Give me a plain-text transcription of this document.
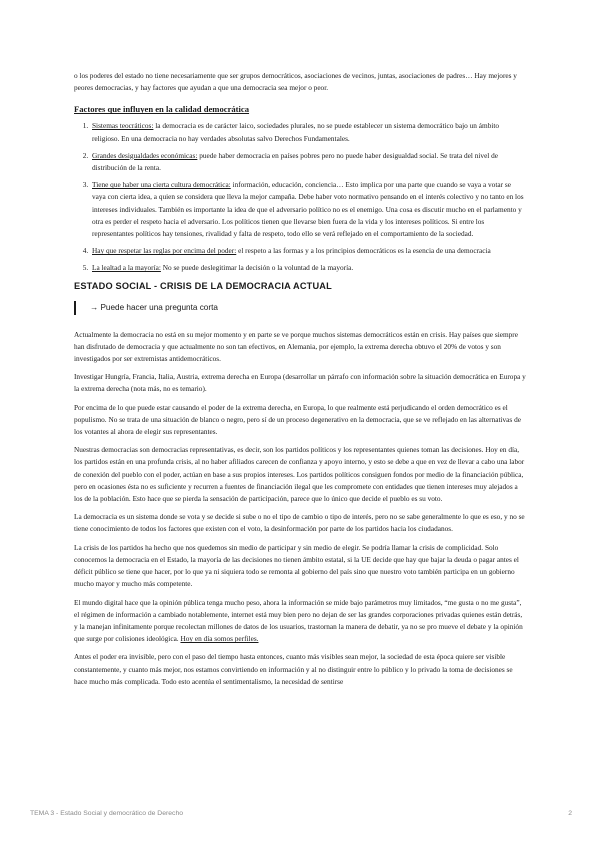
o los poderes del estado no tiene necesariamente que ser grupos democráticos, asociaciones de vecinos, juntas, asociaciones de padres… Hay mejores y peores democracias, y hay factores que ayudan a que una democracia sea mejor o peor.

Factores que influyen en la calidad democrática
1. Sistemas teocráticos: la democracia es de carácter laico, sociedades plurales, no se puede establecer un sistema democrático bajo un ámbito religioso. En una democracia no hay verdades absolutas salvo Derechos Fundamentales.
2. Grandes desigualdades económicas: puede haber democracia en países pobres pero no puede haber desigualdad social. Se trata del nivel de distribución de la renta.
3. Tiene que haber una cierta cultura democrática: información, educación, conciencia… Esto implica por una parte que cuando se vaya a votar se vaya con cierta idea, a quien se considera que lleva la mejor campaña. Debe haber voto normativo pensando en el interés colectivo y no tanto en los intereses individuales. También es importante la idea de que el adversario político no es el enemigo. Una cosa es discutir mucho en el parlamento y otra es perder el respeto hacia el adversario. Los políticos tienen que llevarse bien fuera de la vida y los intereses políticos. Si entre los representantes políticos hay tensiones, rivalidad y falta de respeto, todo ello se verá reflejado en el comportamiento de la sociedad.
4. Hay que respetar las reglas por encima del poder: el respeto a las formas y a los principios democráticos es la esencia de una democracia
5. La lealtad a la mayoría: No se puede deslegitimar la decisión o la voluntad de la mayoría.
ESTADO SOCIAL - CRISIS DE LA DEMOCRACIA ACTUAL
→ Puede hacer una pregunta corta

Actualmente la democracia no está en su mejor momento y en parte se ve porque muchos sistemas democráticos están en crisis. Hay países que siempre han disfrutado de democracia y que actualmente no son tan efectivos, en Alemania, por ejemplo, la extrema derecha obtuvo el 20% de votos y son investigados por ser extremistas antidemocráticos.

Investigar Hungría, Francia, Italia, Austria, extrema derecha en Europa (desarrollar un párrafo con información sobre la situación democrática en Europa y la extrema derecha (nota más, no es temario).

Por encima de lo que puede estar causando el poder de la extrema derecha, en Europa, lo que realmente está perjudicando el orden democrático es el populismo. No se trata de una situación de blanco o negro, pero sí de un proceso degenerativo en la democracia, que se ve reflejado en las alternativas de los votantes al ahora de elegir sus representantes.

Nuestras democracias son democracias representativas, es decir, son los partidos políticos y los representantes quienes toman las decisiones. Hoy en día, los partidos están en una profunda crisis, al no haber afiliados carecen de confianza y apoyo interno, y esto se debe a que en vez de llevar a cabo una labor de conexión del pueblo con el poder, actúan en base a sus propios intereses. Los partidos políticos consiguen fondos por medio de la financiación pública, pero en ocasiones ésta no es suficiente y recurren a fuentes de financiación ilegal que les compromete con entidades que tienen intereses muy alejados a los de la población. Esto hace que se pierda la sensación de participación, parece que lo único que decide el pueblo es su voto.

La democracia es un sistema donde se vota y se decide si sube o no el tipo de cambio o tipo de interés, pero no se sabe generalmente lo que es eso, y no se tiene conocimiento de todos los factores que existen con el voto, la desinformación por parte de los partidos hacia los ciudadanos.

La crisis de los partidos ha hecho que nos quedemos sin medio de participar y sin medio de elegir. Se podría llamar la crisis de complicidad. Solo conocemos la democracia en el Estado, la mayoría de las decisiones no tienen ámbito estatal, si la UE decide que hay que bajar la deuda o pagar antes el déficit público se tiene que hacer, por lo que ya ni siquiera todo se remonta al gobierno del país sino que nuestro voto también participa en un gobierno mucho mayor y mucho más competente.

El mundo digital hace que la opinión pública tenga mucho peso, ahora la información se mide bajo parámetros muy limitados, “me gusta o no me gusta”, el régimen de información a cambiado notablemente, internet está muy bien pero no dejan de ser las grandes corporaciones privadas quienes están detrás, y la manejan infinitamente porque recolectan millones de datos de los usuarios, trastornan la manera de debatir, ya no se pro mueve el debate y la opinión que surge por colisiones ideológica. Hoy en día somos perfiles.

Antes el poder era invisible, pero con el paso del tiempo hasta entonces, cuanto más visibles sean mejor, la sociedad de esta época quiere ser visible constantemente, y cuanto más mejor, nos estamos convirtiendo en información y al no distinguir entre lo público y lo privado la toma de decisiones se hace mucho más complicada. Todo esto acentúa el sentimentalismo, la necesidad de sentirse

TEMA 3 - Estado Social y democrático de Derecho	2
